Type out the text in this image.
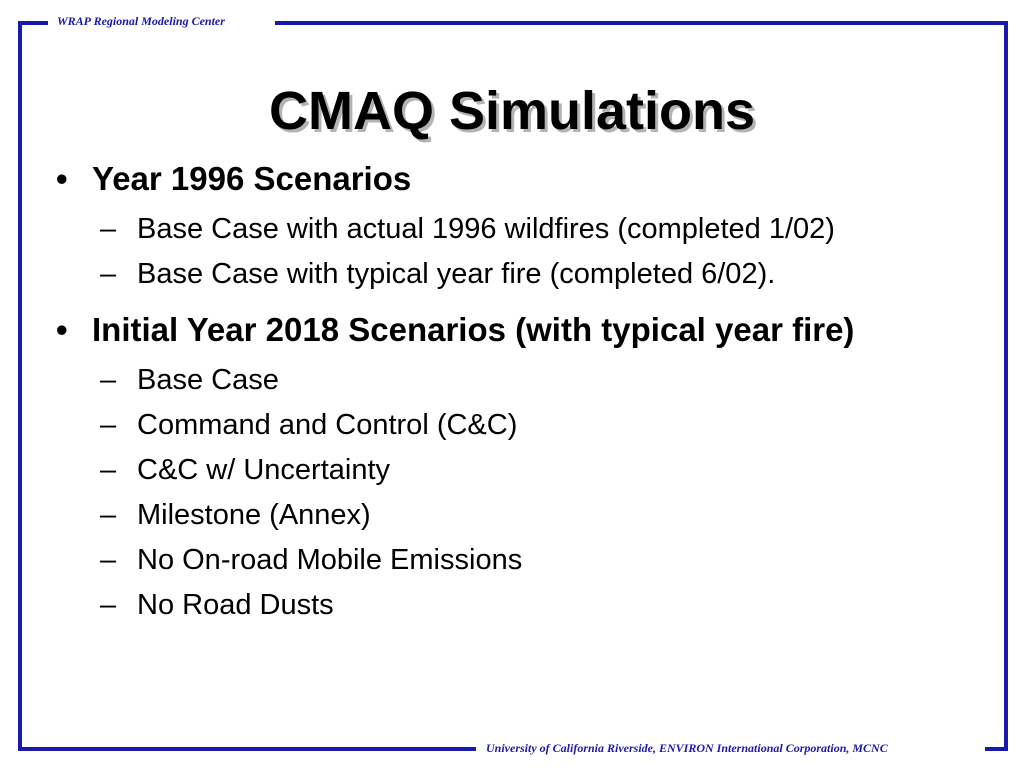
WRAP Regional Modeling Center
University of California Riverside, ENVIRON International Corporation, MCNC
CMAQ Simulations
• Year 1996 Scenarios
– Base Case with actual 1996 wildfires (completed 1/02)
– Base Case with typical year fire (completed 6/02).
• Initial Year 2018 Scenarios (with typical year fire)
– Base Case
– Command and Control (C&C)
– C&C w/ Uncertainty
– Milestone (Annex)
– No On-road Mobile Emissions
– No Road Dusts
